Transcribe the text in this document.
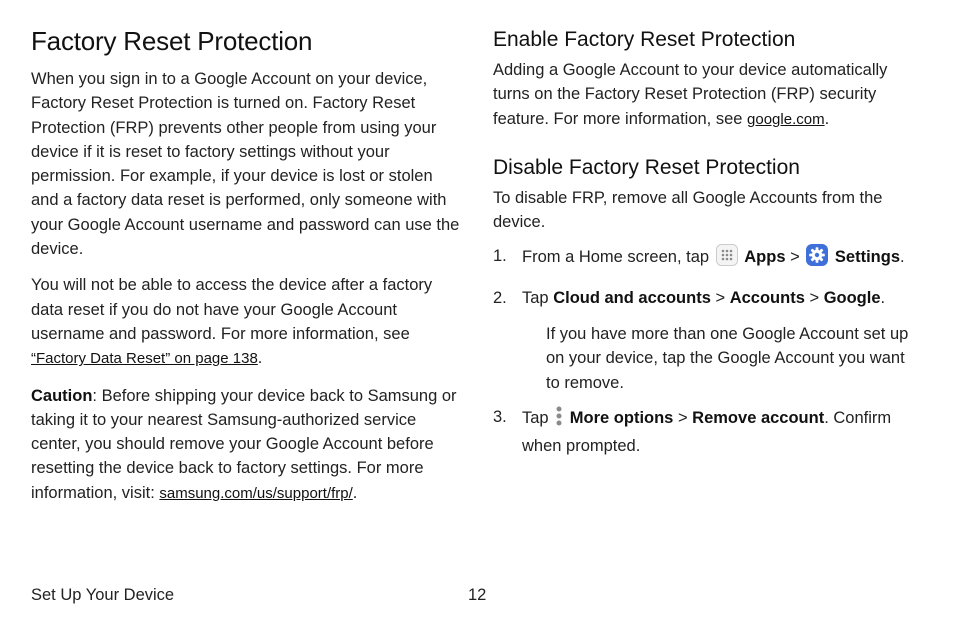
Factory Reset Protection

When you sign in to a Google Account on your device, Factory Reset Protection is turned on. Factory Reset Protection (FRP) prevents other people from using your device if it is reset to factory settings without your permission. For example, if your device is lost or stolen and a factory data reset is performed, only someone with your Google Account username and password can use the device.

You will not be able to access the device after a factory data reset if you do not have your Google Account username and password. For more information, see “Factory Data Reset” on page 138.

Caution: Before shipping your device back to Samsung or taking it to your nearest Samsung-authorized service center, you should remove your Google Account before resetting the device back to factory settings. For more information, visit: samsung.com/us/support/frp/.

Enable Factory Reset Protection

Adding a Google Account to your device automatically turns on the Factory Reset Protection (FRP) security feature. For more information, see google.com.

Disable Factory Reset Protection

To disable FRP, remove all Google Accounts from the device.

1. From a Home screen, tap  Apps >  Settings.
2. Tap Cloud and accounts > Accounts > Google.

If you have more than one Google Account set up on your device, tap the Google Account you want to remove.

3. Tap  More options > Remove account. Confirm when prompted.
Set Up Your Device	12
